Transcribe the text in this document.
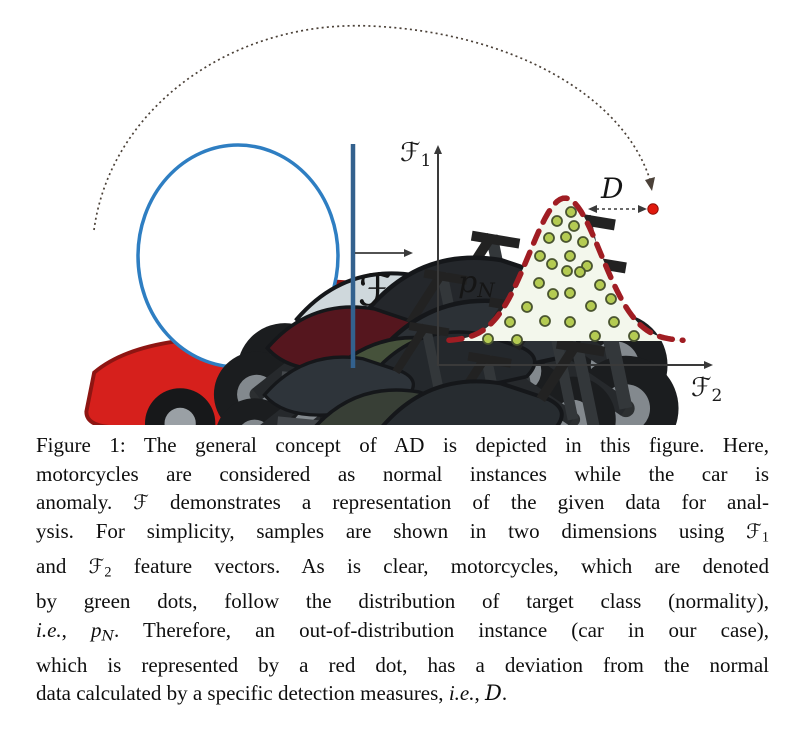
ℱ
ℱ1
ℱ2
pN
D
Figure 1: The general concept of AD is depicted in this figure. Here,
motorcycles are considered as normal instances while the car is
anomaly. ℱ demonstrates a representation of the given data for anal-
ysis. For simplicity, samples are shown in two dimensions using ℱ1
and ℱ2 feature vectors. As is clear, motorcycles, which are denoted
by green dots, follow the distribution of target class (normality),
i.e., pN. Therefore, an out-of-distribution instance (car in our case),
which is represented by a red dot, has a deviation from the normal
data calculated by a specific detection measures, i.e., D.
